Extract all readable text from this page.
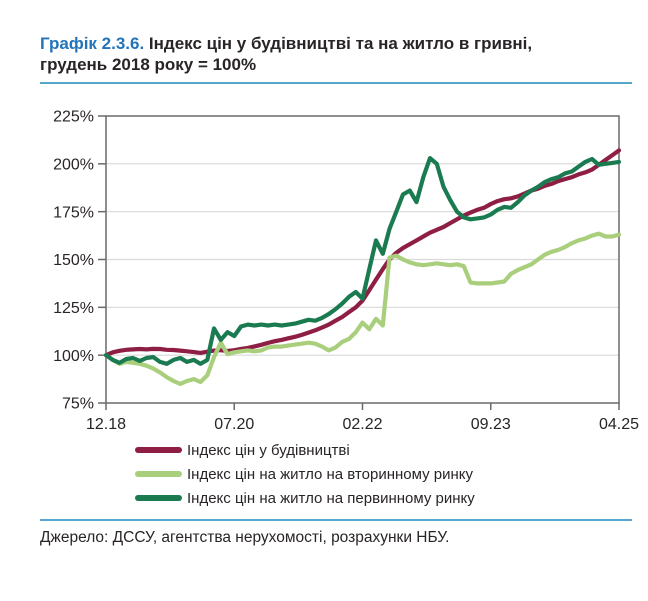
Графік 2.3.6. Індекс цін у будівництві та на житло в гривні,
грудень 2018 року = 100%
225%
200%
175%
150%
125%
100%
75%
12.18	07.20	02.22	09.23	04.25
Індекс цін у будівництві
Індекс цін на житло на вторинному ринку
Індекс цін на житло на первинному ринку
Джерело: ДССУ, агентства нерухомості, розрахунки НБУ.
